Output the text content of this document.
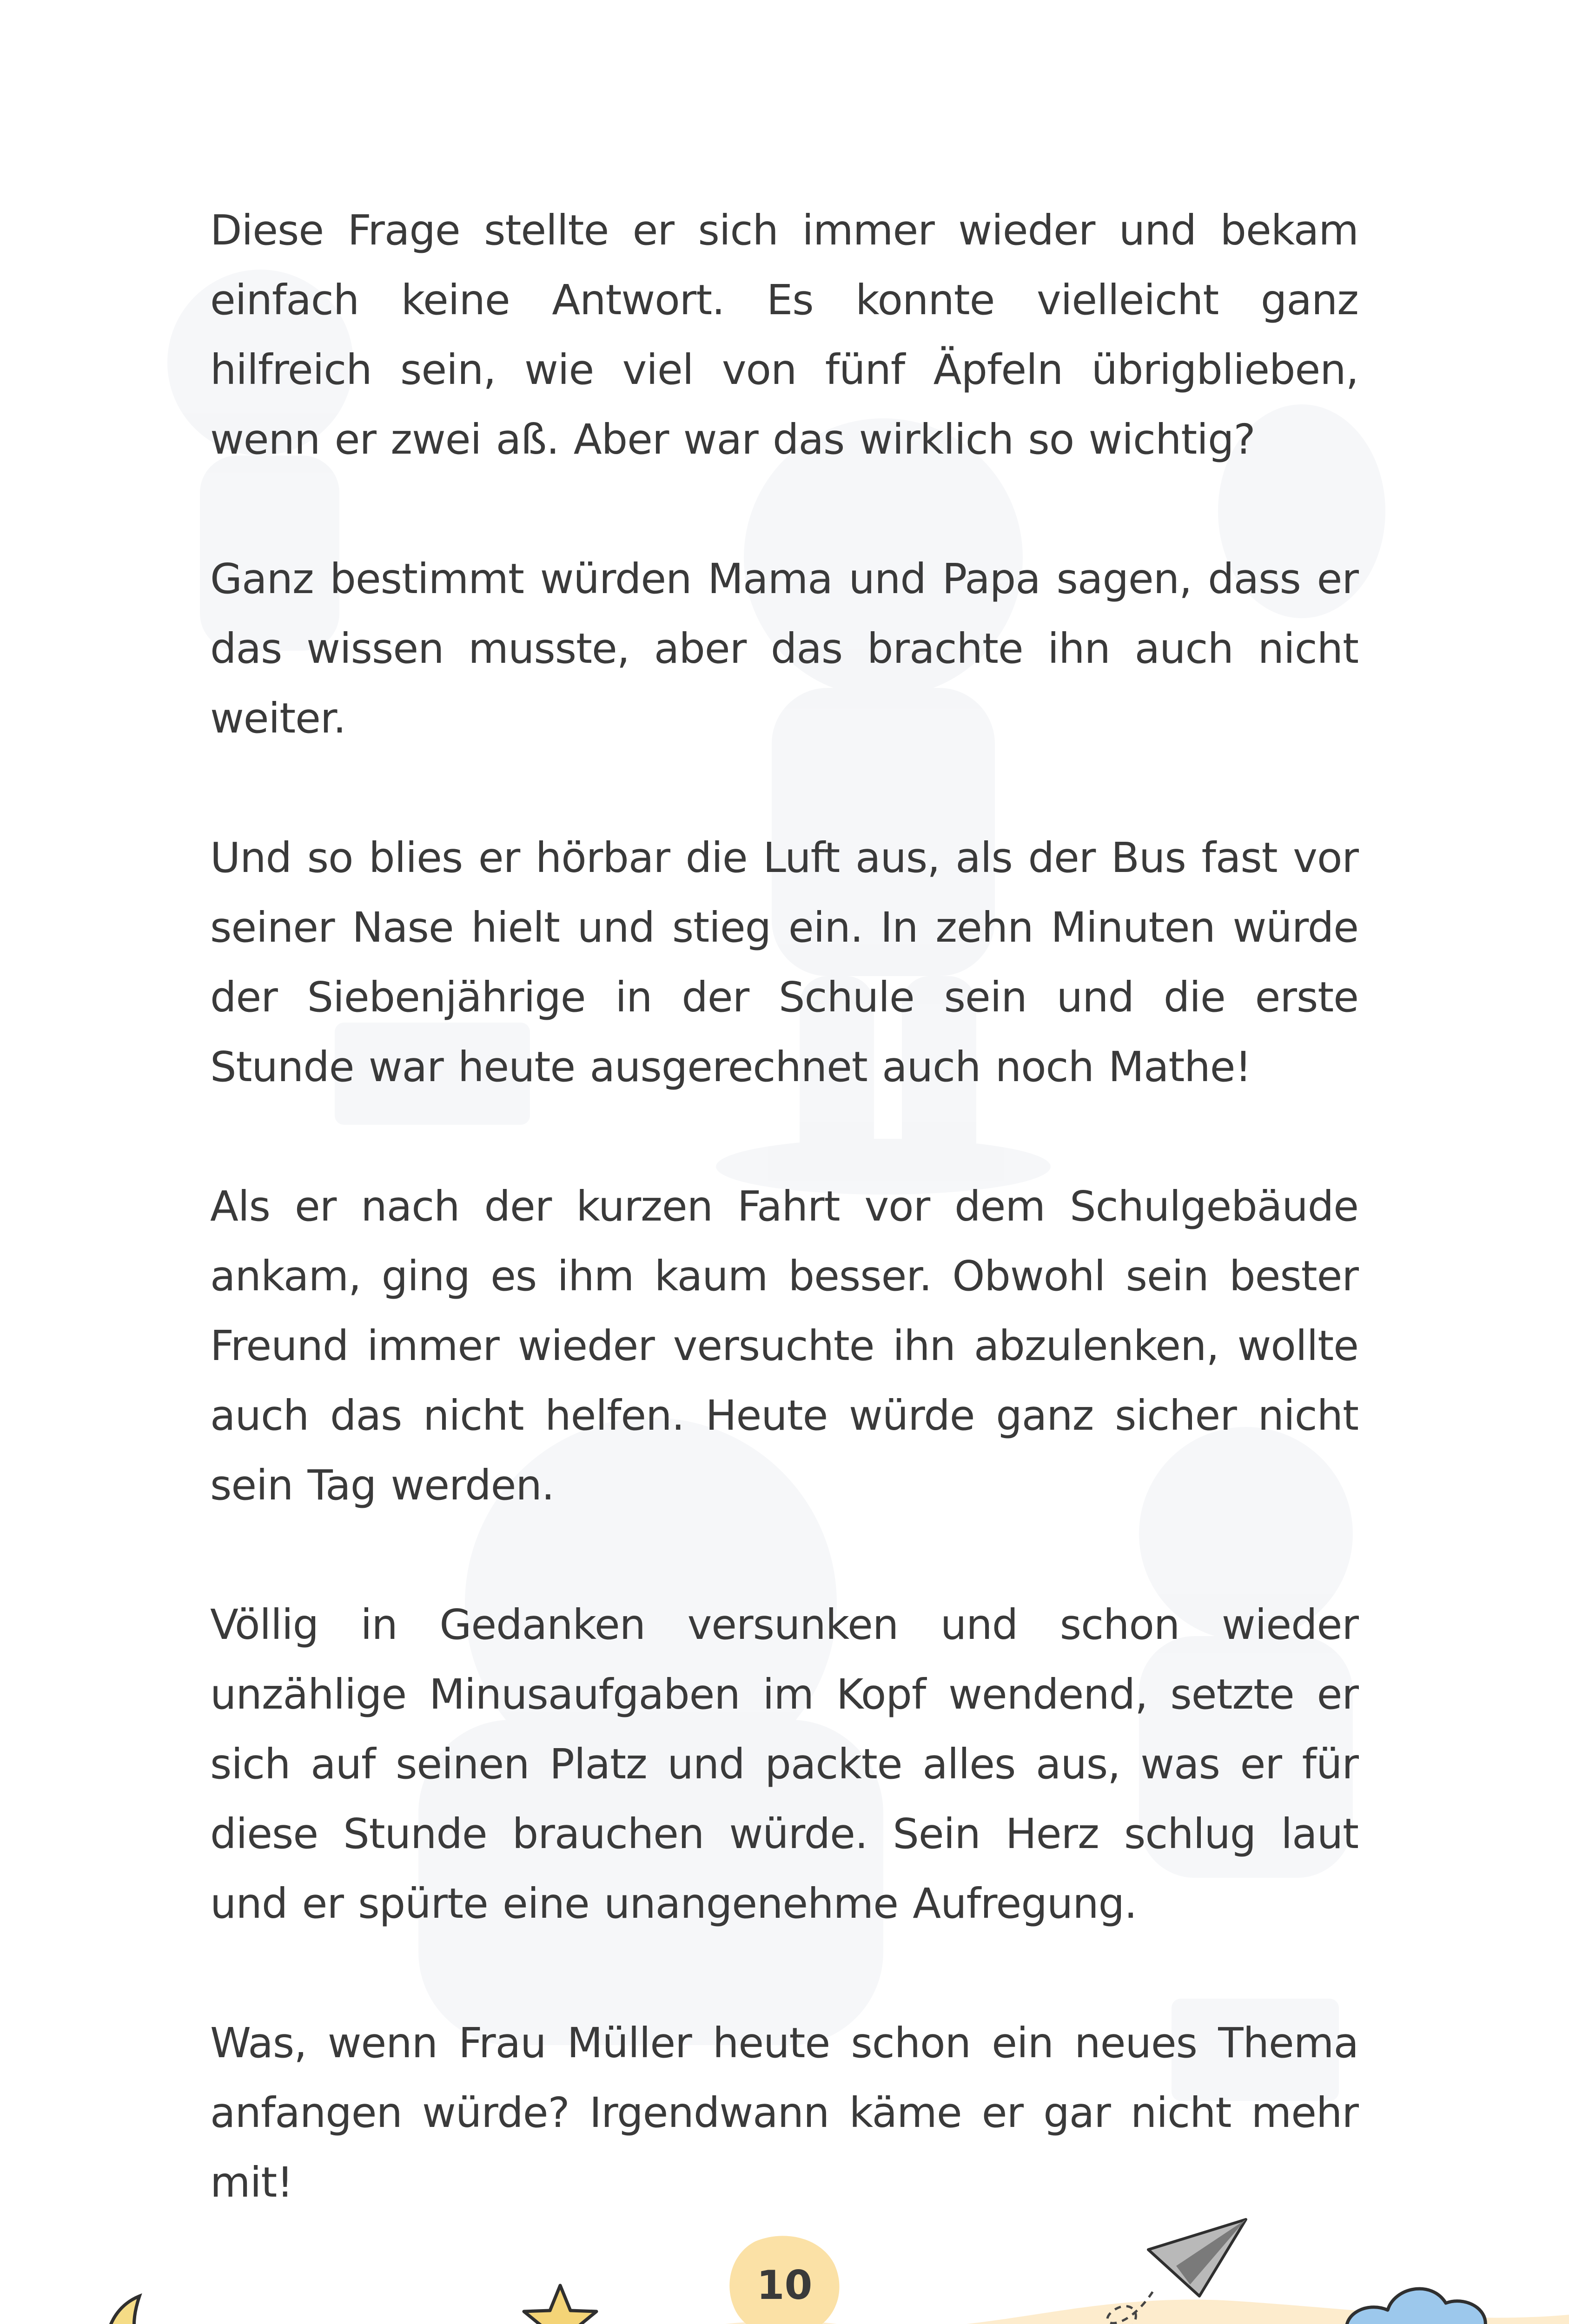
Diese Frage stellte er sich immer wieder und bekam einfach keine Antwort. Es konnte vielleicht ganz hilfreich sein, wie viel von fünf Äpfeln übrigblieben, wenn er zwei aß. Aber war das wirklich so wichtig?

Ganz bestimmt würden Mama und Papa sagen, dass er das wissen musste, aber das brachte ihn auch nicht weiter.

Und so blies er hörbar die Luft aus, als der Bus fast vor seiner Nase hielt und stieg ein. In zehn Minuten würde der Siebenjährige in der Schule sein und die erste Stunde war heute ausgerechnet auch noch Mathe!

Als er nach der kurzen Fahrt vor dem Schulgebäude ankam, ging es ihm kaum besser. Obwohl sein bester Freund immer wieder versuchte ihn abzulenken, wollte auch das nicht helfen. Heute würde ganz sicher nicht sein Tag werden.

Völlig in Gedanken versunken und schon wieder unzählige Minusaufgaben im Kopf wendend, setzte er sich auf seinen Platz und packte alles aus, was er für diese Stunde brauchen würde. Sein Herz schlug laut und er spürte eine unangenehme Aufregung.

Was, wenn Frau Müller heute schon ein neues Thema anfangen würde? Irgendwann käme er gar nicht mehr mit!

10
